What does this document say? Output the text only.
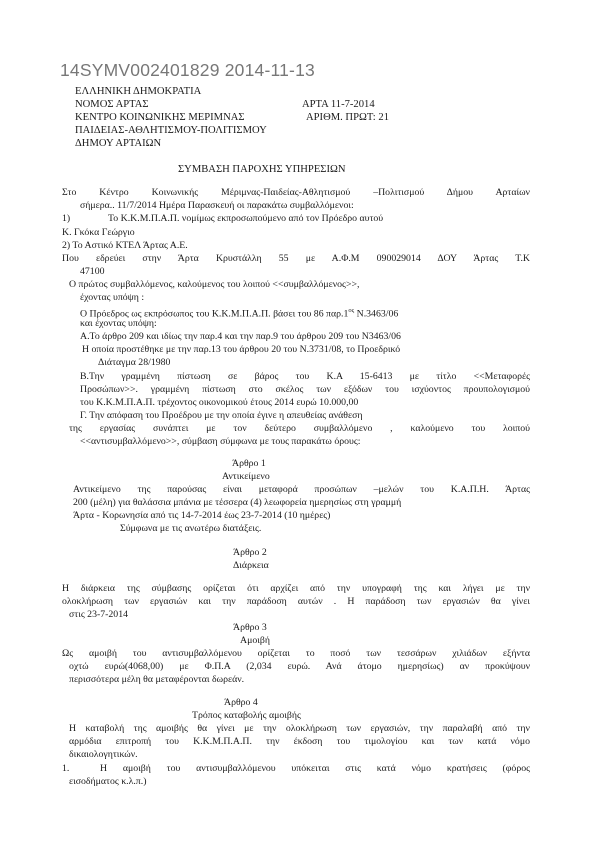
14SYMV002401829 2014-11-13
ΕΛΛΗΝΙΚΗ ΔΗΜΟΚΡΑΤΙΑ
ΝΟΜΟΣ ΑΡΤΑΣ
ΚΕΝΤΡΟ ΚΟΙΝΩΝΙΚΗΣ ΜΕΡΙΜΝΑΣ
ΠΑΙΔΕΙΑΣ-ΑΘΛΗΤΙΣΜΟΥ-ΠΟΛΙΤΙΣΜΟΥ
ΔΗΜΟΥ ΑΡΤΑΙΩΝ
ΑΡΤΑ 11-7-2014
ΑΡΙΘΜ. ΠΡΩΤ: 21
ΣΥΜΒΑΣΗ ΠΑΡΟΧΗΣ ΥΠΗΡΕΣΙΩΝ
Στο Κέντρο Κοινωνικής Μέριμνας-Παιδείας-Αθλητισμού –Πολιτισμού Δήμου Αρταίων
σήμερα.. 11/7/2014 Ημέρα Παρασκευή οι παρακάτω συμβαλλόμενοι:
1)	Το Κ.Κ.Μ.Π.Α.Π. νομίμως εκπροσωπούμενο από τον Πρόεδρο αυτού
Κ. Γκόκα Γεώργιο
2) Το Αστικό ΚΤΕΛ Άρτας Α.Ε.
Που εδρεύει στην Άρτα Κρυστάλλη 55 με Α.Φ.Μ 090029014 ΔΟΥ Άρτας Τ.Κ
47100
Ο πρώτος συμβαλλόμενος, καλούμενος του λοιπού <<συμβαλλόμενος>>,
έχοντας υπόψη :
Ο Πρόεδρος ως εκπρόσωπος του Κ.Κ.Μ.Π.Α.Π. βάσει του 86 $\pi\alpha\rho.1^{o\varsigma}$ Ν.3463/06
και έχοντας υπόψη:
Α.Το άρθρο 209 και ιδίως την παρ.4 και την παρ.9 του άρθρου 209 του Ν3463/06
Η οποία προστέθηκε με την παρ.13 του άρθρου 20 του Ν.3731/08, το Προεδρικό
Διάταγμα 28/1980
Β.Την γραμμένη πίστωση σε βάρος του Κ.Α 15-6413 με τίτλο <<Μεταφορές
Προσώπων>>. γραμμένη πίστωση στο σκέλος των εξόδων του ισχύοντος προυπολογισμού
του Κ.Κ.Μ.Π.Α.Π. τρέχοντος οικονομικού έτους 2014 ευρώ 10.000,00
Γ. Την απόφαση του Προέδρου με την οποία έγινε η απευθείας ανάθεση
της εργασίας συνάπτει με τον δεύτερο συμβαλλόμενο , καλούμενο του λοιπού
<<αντισυμβαλλόμενο>>, σύμβαση σύμφωνα με τους παρακάτω όρους:
Άρθρο 1
Αντικείμενο
Αντικείμενο της παρούσας είναι μεταφορά προσώπων –μελών του Κ.Α.Π.Η. Άρτας
200 (μέλη) για θαλάσσια μπάνια με τέσσερα (4) λεωφορεία ημερησίως στη γραμμή
Άρτα - Κορωνησία από τις 14-7-2014 έως 23-7-2014 (10 ημέρες)
Σύμφωνα με τις ανωτέρω διατάξεις.
Άρθρο 2
Διάρκεια
Η διάρκεια της σύμβασης ορίζεται ότι αρχίζει από την υπογραφή της και λήγει με την
ολοκλήρωση των εργασιών και την παράδοση αυτών . Η παράδοση των εργασιών θα γίνει
στις 23-7-2014
Άρθρο 3
Αμοιβή
Ως αμοιβή του αντισυμβαλλόμενου ορίζεται το ποσό των τεσσάρων χιλιάδων εξήντα
οχτώ ευρώ(4068,00) με Φ.Π.Α (2,034 ευρώ. Ανά άτομο ημερησίως) αν προκύψουν
περισσότερα μέλη θα μεταφέρονται δωρεάν.
Άρθρο 4
Τρόπος καταβολής αμοιβής
Η καταβολή της αμοιβής θα γίνει με την ολοκλήρωση των εργασιών, την παραλαβή από την
αρμόδια επιτροπή του Κ.Κ.Μ.Π.Α.Π. την έκδοση του τιμολογίου και των κατά νόμο
δικαιολογητικών.
1.	Η αμοιβή του αντισυμβαλλόμενου υπόκειται στις κατά νόμο κρατήσεις (φόρος
εισοδήματος κ.λ.π.)
